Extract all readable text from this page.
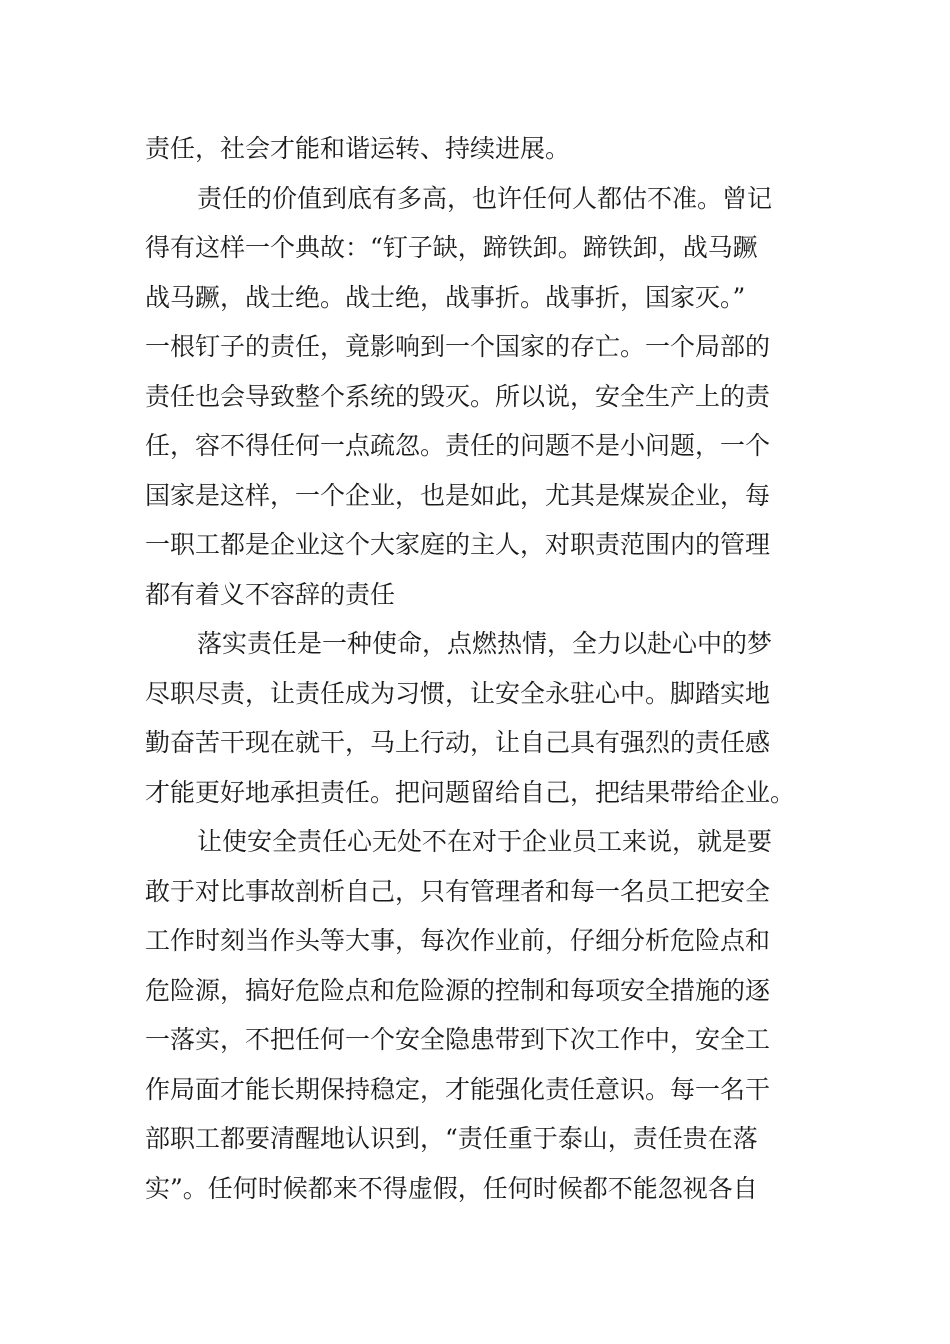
责任，社会才能和谐运转、持续进展。
责任的价值到底有多高，也许任何人都估不准。曾记
得有这样一个典故：“钉子缺，蹄铁卸。蹄铁卸，战马蹶
战马蹶，战士绝。战士绝，战事折。战事折，国家灭。”
一根钉子的责任，竟影响到一个国家的存亡。一个局部的
责任也会导致整个系统的毁灭。所以说，安全生产上的责
任，容不得任何一点疏忽。责任的问题不是小问题，一个
国家是这样，一个企业，也是如此，尤其是煤炭企业，每
一职工都是企业这个大家庭的主人，对职责范围内的管理
都有着义不容辞的责任
落实责任是一种使命，点燃热情，全力以赴心中的梦
尽职尽责，让责任成为习惯，让安全永驻心中。脚踏实地
勤奋苦干现在就干，马上行动，让自己具有强烈的责任感
才能更好地承担责任。把问题留给自己，把结果带给企业。
让使安全责任心无处不在对于企业员工来说，就是要
敢于对比事故剖析自己，只有管理者和每一名员工把安全
工作时刻当作头等大事，每次作业前，仔细分析危险点和
危险源，搞好危险点和危险源的控制和每项安全措施的逐
一落实，不把任何一个安全隐患带到下次工作中，安全工
作局面才能长期保持稳定，才能强化责任意识。每一名干
部职工都要清醒地认识到，“责任重于泰山，责任贵在落
实”。任何时候都来不得虚假，任何时候都不能忽视各自
